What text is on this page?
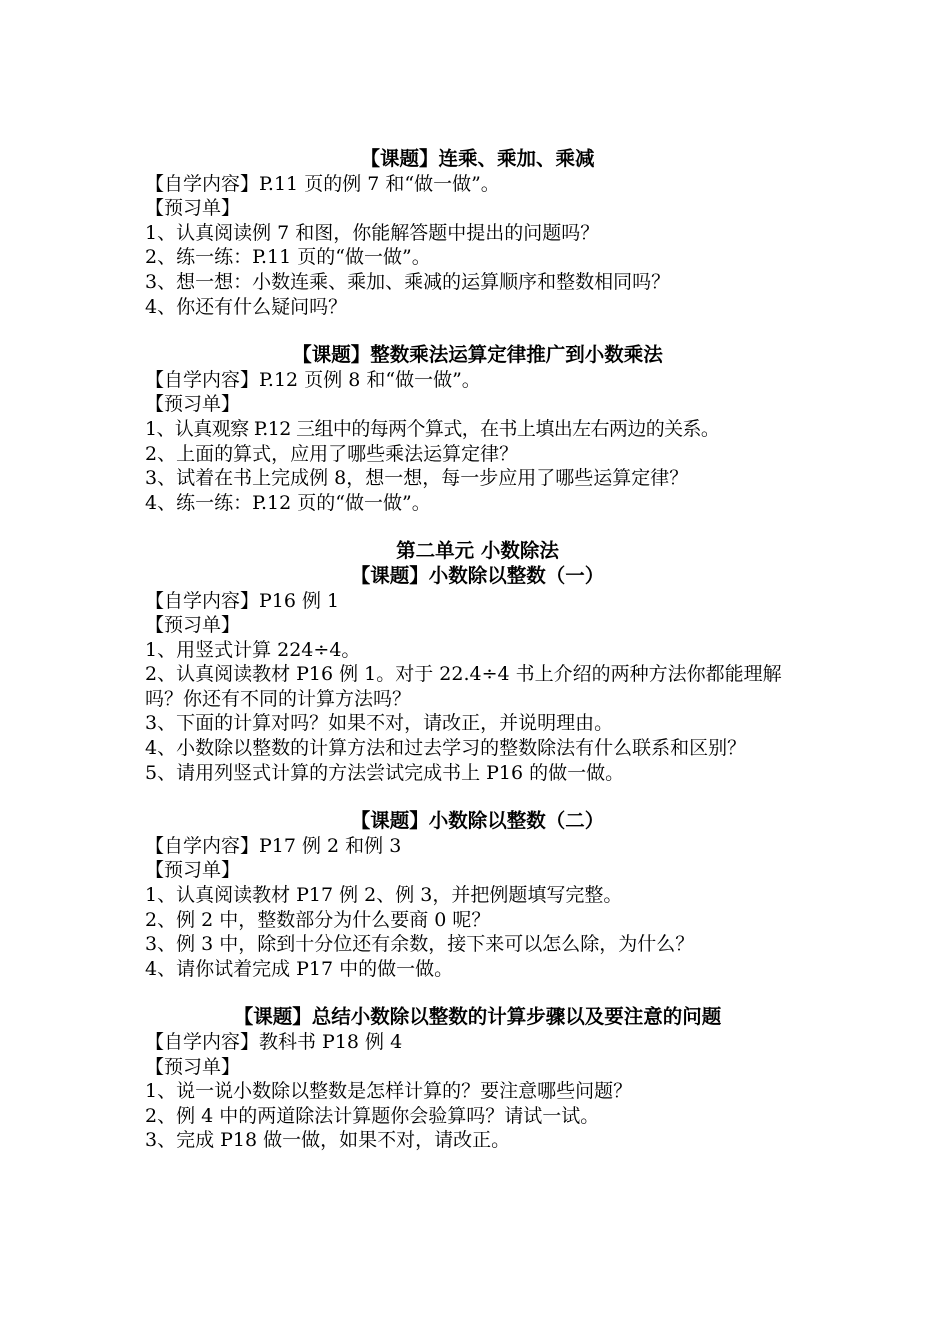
【课题】连乘、乘加、乘减
【自学内容】P.11 页的例 7 和“做一做”。
【预习单】
1、认真阅读例 7 和图，你能解答题中提出的问题吗？
2、练一练：P.11 页的“做一做”。
3、想一想：小数连乘、乘加、乘减的运算顺序和整数相同吗？
4、你还有什么疑问吗？
【课题】整数乘法运算定律推广到小数乘法
【自学内容】P.12 页例 8 和“做一做”。
【预习单】
1、认真观察 P.12 三组中的每两个算式，在书上填出左右两边的关系。
2、上面的算式，应用了哪些乘法运算定律？
3、试着在书上完成例 8，想一想，每一步应用了哪些运算定律？
4、练一练：P.12 页的“做一做”。
第二单元 小数除法
【课题】小数除以整数（一）
【自学内容】P16 例 1
【预习单】
1、用竖式计算 224÷4。
2、认真阅读教材 P16 例 1。对于 22.4÷4 书上介绍的两种方法你都能理解吗？你还有不同的计算方法吗？
3、下面的计算对吗？如果不对，请改正，并说明理由。
4、小数除以整数的计算方法和过去学习的整数除法有什么联系和区别？
5、请用列竖式计算的方法尝试完成书上 P16 的做一做。
【课题】小数除以整数（二）
【自学内容】P17 例 2 和例 3
【预习单】
1、认真阅读教材 P17 例 2、例 3，并把例题填写完整。
2、例 2 中，整数部分为什么要商 0 呢？
3、例 3 中，除到十分位还有余数，接下来可以怎么除，为什么？
4、请你试着完成 P17 中的做一做。
【课题】总结小数除以整数的计算步骤以及要注意的问题
【自学内容】教科书 P18 例 4
【预习单】
1、说一说小数除以整数是怎样计算的？要注意哪些问题？
2、例 4 中的两道除法计算题你会验算吗？请试一试。
3、完成 P18 做一做，如果不对，请改正。
